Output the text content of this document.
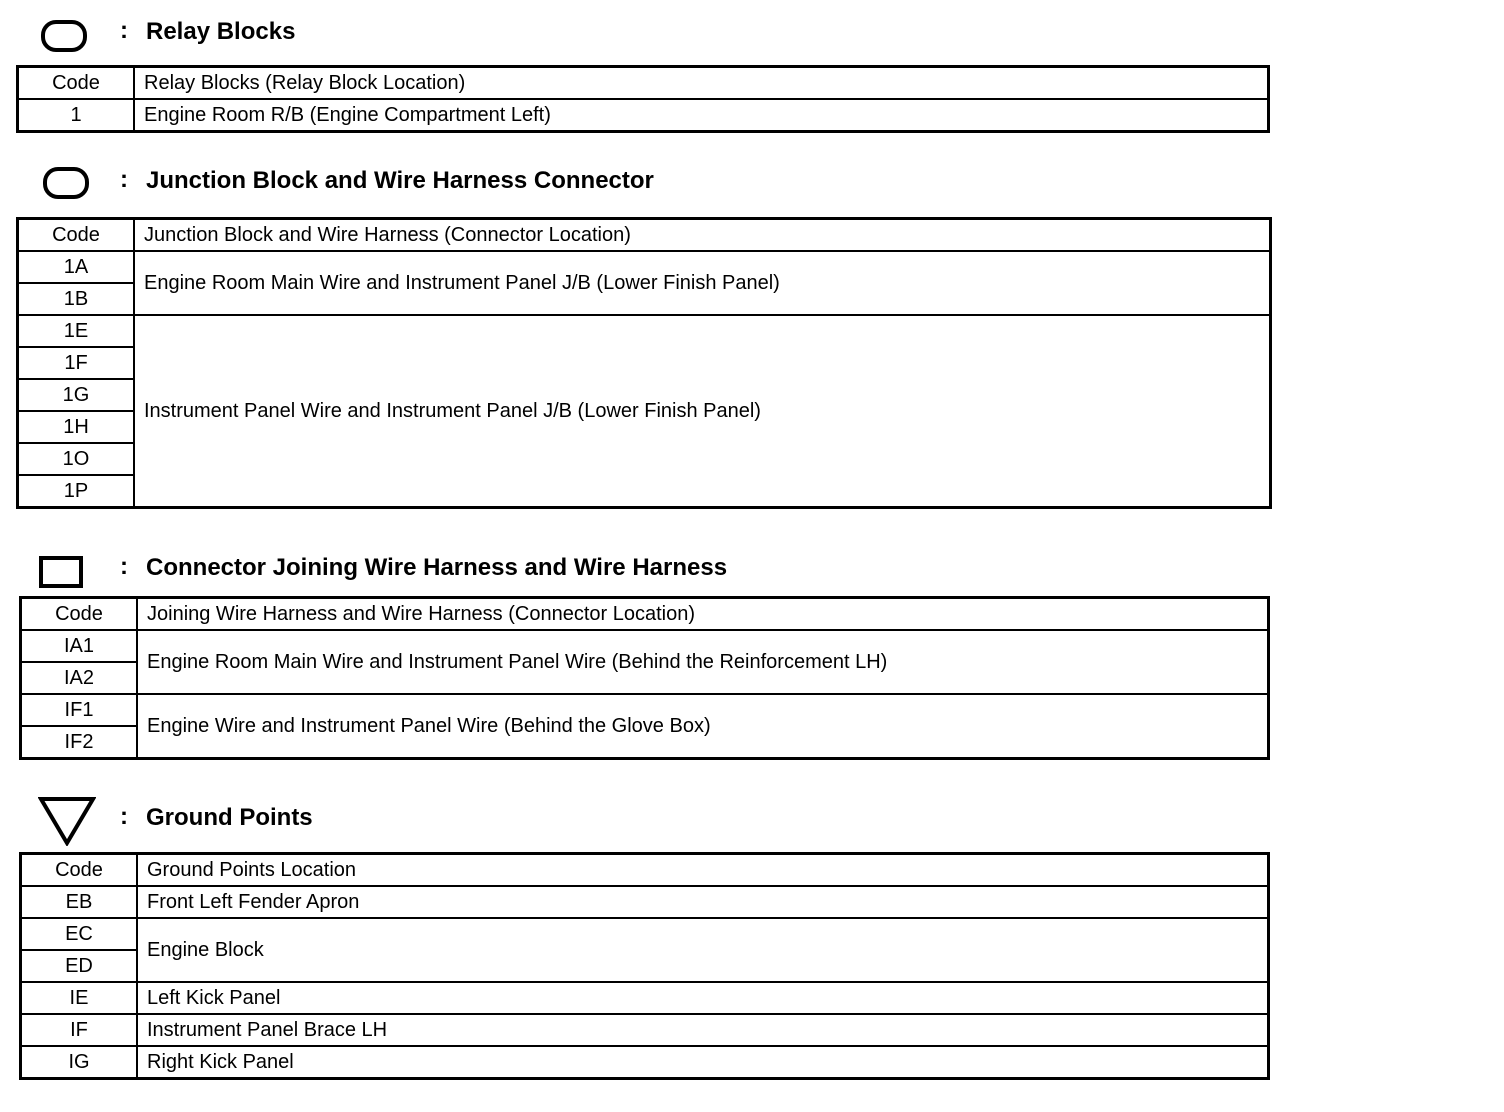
: Relay Blocks
Code	Relay Blocks (Relay Block Location)
1	Engine Room R/B (Engine Compartment Left)
: Junction Block and Wire Harness Connector
Code	Junction Block and Wire Harness (Connector Location)
1A	Engine Room Main Wire and Instrument Panel J/B (Lower Finish Panel)
1B	
1E	Instrument Panel Wire and Instrument Panel J/B (Lower Finish Panel)
1F	
1G	
1H	
1O	
1P	
: Connector Joining Wire Harness and Wire Harness
Code	Joining Wire Harness and Wire Harness (Connector Location)
IA1	Engine Room Main Wire and Instrument Panel Wire (Behind the Reinforcement LH)
IA2	
IF1	Engine Wire and Instrument Panel Wire (Behind the Glove Box)
IF2	
: Ground Points
Code	Ground Points Location
EB	Front Left Fender Apron
EC	Engine Block
ED	
IE	Left Kick Panel
IF	Instrument Panel Brace LH
IG	Right Kick Panel
